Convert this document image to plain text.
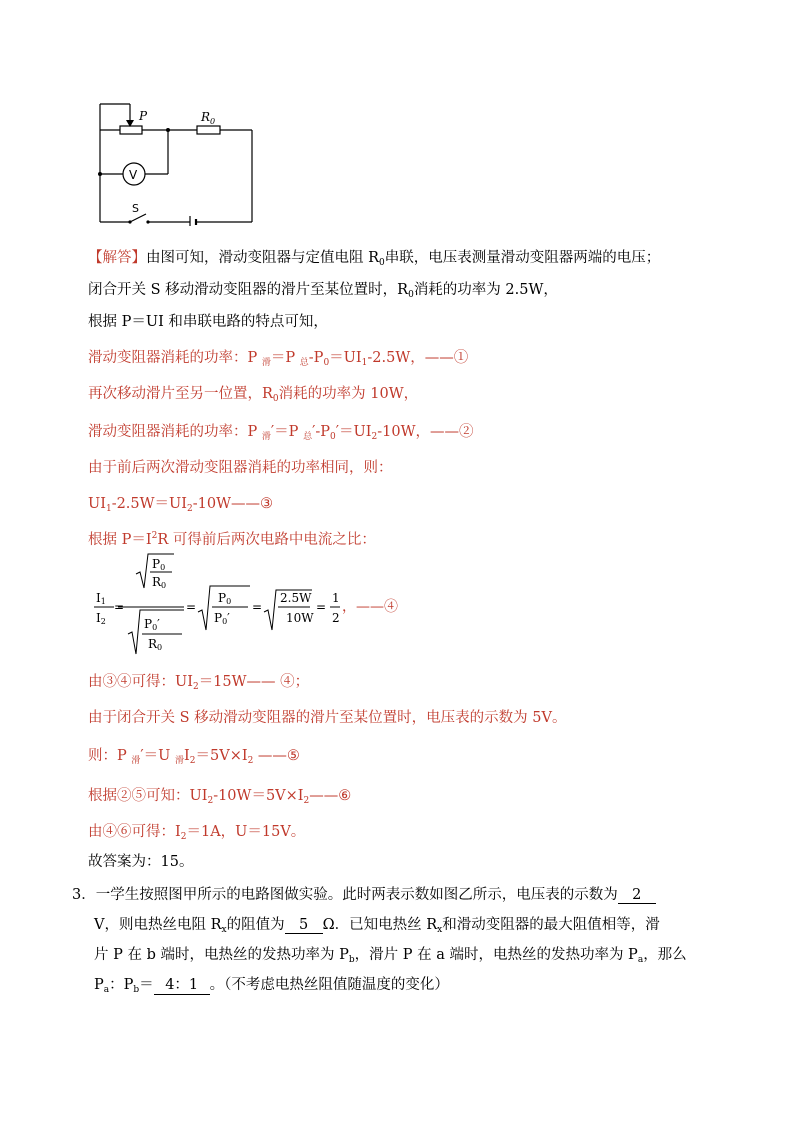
P	$R_0$
V
S
【解答】由图可知，滑动变阻器与定值电阻 $R_0$串联，电压表测量滑动变阻器两端的电压；
闭合开关 S 移动滑动变阻器的滑片至某位置时，$R_0$消耗的功率为 2.5W，
根据 P＝UI 和串联电路的特点可知，
滑动变阻器消耗的功率：P $_滑$＝P $_总-P_0=UI_1-2.5W$，——①
再次移动滑片至另一位置，$R_0$消耗的功率为 10W，
滑动变阻器消耗的功率：P $_滑$′＝P $_总'-P_0'=UI_2-10W$，——②
由于前后两次滑动变阻器消耗的功率相同，则：
$UI_1-2.5W=UI_2-10W——③$
根据 $P=I^2R$ 可得前后两次电路中电流之比：
I1
I2
=
P0
R0
P0′
R0
=
P0
P0′
=
2.5W
10W
=
1
2
，——④
由③④可得：$UI_2=15W——$ ④；
由于闭合开关 S 移动滑动变阻器的滑片至某位置时，电压表的示数为 5V。
则：P $_滑$′＝U $_滑I_2=5V\times I_2$ ——⑤
根据②⑤可知：$UI_2-10W=5V\times I_2——⑥$
由④⑥可得：$I_2=1A$，U＝15V。
故答案为：15。
3．一学生按照图甲所示的电路图做实验。此时两表示数如图乙所示，电压表的示数为 2
V，则电热丝电阻 $R_x$的阻值为 5 Ω．已知电热丝 $R_x$和滑动变阻器的最大阻值相等，滑
片 P 在 b 端时，电热丝的发热功率为 $P_b$，滑片 P 在 a 端时，电热丝的发热功率为 $P_a$，那么
$P_a$：$P_b= 4$：1 。（不考虑电热丝阻值随温度的变化）
